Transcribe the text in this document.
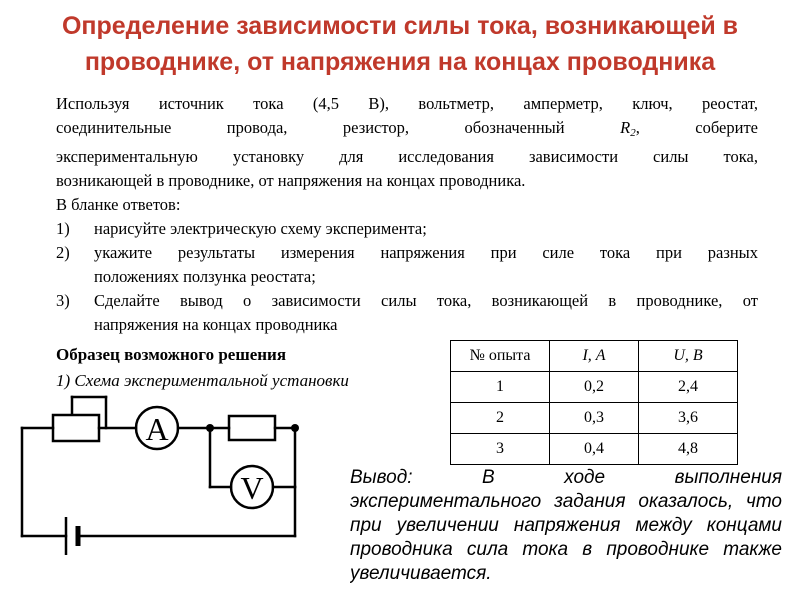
Определение зависимости силы тока, возникающей в проводнике, от напряжения на концах проводника

Используя источник тока (4,5 В), вольтметр, амперметр, ключ, реостат,

соединительные провода, резистор, обозначенный	$R_2$, соберите

экспериментальную установку для исследования зависимости силы тока,

возникающей в проводнике, от напряжения на концах проводника.

В бланке ответов:

1)	нарисуйте электрическую схему эксперимента;
2)	укажите результаты измерения напряжения при силе тока при разных
положениях ползунка реостата;
3)	Сделайте вывод о зависимости силы тока, возникающей в проводнике, от
напряжения на концах проводника
Образец возможного решения
1) Схема экспериментальной установки
A
V
№ опыта	I, А	U, В
1	0,2	2,4
2	0,3	3,6
3	0,4	4,8
Вывод: В ходе выполнения экспериментального задания оказалось, что при увеличении напряжения между концами проводника сила тока в проводнике также увеличивается.
